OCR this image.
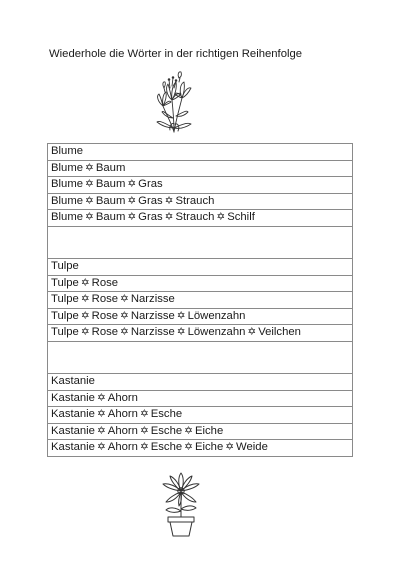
Wiederhole die Wörter in der richtigen Reihenfolge
Blume
Blume ✡ Baum
Blume ✡ Baum ✡ Gras
Blume ✡ Baum ✡ Gras ✡ Strauch
Blume ✡ Baum ✡ Gras ✡ Strauch ✡ Schilf

Tulpe
Tulpe ✡ Rose
Tulpe ✡ Rose ✡ Narzisse
Tulpe ✡ Rose ✡ Narzisse ✡ Löwenzahn
Tulpe ✡ Rose ✡ Narzisse ✡ Löwenzahn ✡ Veilchen

Kastanie
Kastanie ✡ Ahorn
Kastanie ✡ Ahorn ✡ Esche
Kastanie ✡ Ahorn ✡ Esche ✡ Eiche
Kastanie ✡ Ahorn ✡ Esche ✡ Eiche ✡ Weide
